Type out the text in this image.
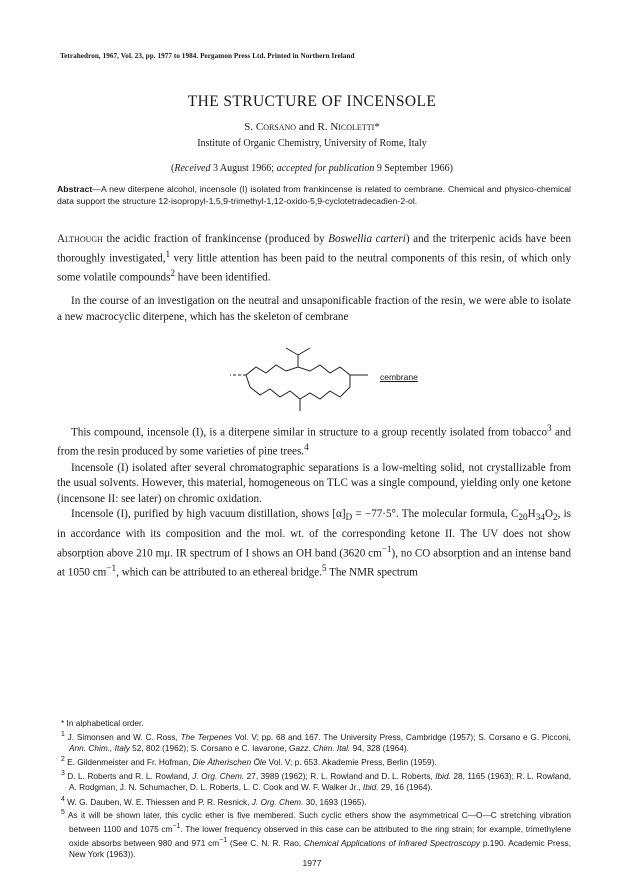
Tetrahedron, 1967, Vol. 23, pp. 1977 to 1984. Pergamon Press Ltd. Printed in Northern Ireland
THE STRUCTURE OF INCENSOLE
S. Corsano and R. Nicoletti*
Institute of Organic Chemistry, University of Rome, Italy
(Received 3 August 1966; accepted for publication 9 September 1966)
Abstract—A new diterpene alcohol, incensole (I) isolated from frankincense is related to cembrane. Chemical and physico-chemical data support the structure 12-isopropyl-1,5,9-trimethyl-1,12-oxido-5,9-cyclotetradecadien-2-ol.

Although the acidic fraction of frankincense (produced by Boswellia carteri) and the triterpenic acids have been thoroughly investigated,$^1$ very little attention has been paid to the neutral components of this resin, of which only some volatile compounds$^2$ have been identified.

In the course of an investigation on the neutral and unsaponificable fraction of the resin, we were able to isolate a new macrocyclic diterpene, which has the skeleton of cembrane

cembrane

This compound, incensole (I), is a diterpene similar in structure to a group recently isolated from tobacco$^3$ and from the resin produced by some varieties of pine trees.$^4$

Incensole (I) isolated after several chromatographic separations is a low-melting solid, not crystallizable from the usual solvents. However, this material, homogeneous on TLC was a single compound, yielding only one ketone (incensone II: see later) on chromic oxidation.

Incensole (I), purified by high vacuum distillation, shows $[\alpha]_D = -77\cdot 5^\circ$. The molecular formula, $C_{20}H_{34}O_2$, is in accordance with its composition and the mol. wt. of the corresponding ketone II. The UV does not show absorption above 210 mμ. IR spectrum of I shows an OH band (3620 $cm^{-1}$), no CO absorption and an intense band at 1050 $cm^{-1}$, which can be attributed to an ethereal bridge.$^5$ The NMR spectrum

* In alphabetical order.

$^1$ J. Simonsen and W. C. Ross, The Terpenes Vol. V; pp. 68 and 167. The University Press, Cambridge (1957); S. Corsano e G. Picconi, Ann. Chim., Italy 52, 802 (1962); S. Corsano e C. Iavarone, Gazz. Chim. Ital. 94, 328 (1964).

$^2$ E. Gildenmeister and Fr. Hofman, Die Ätherischen Öle Vol. V; p. 653. Akademie Press, Berlin (1959).

$^3$ D. L. Roberts and R. L. Rowland, J. Org. Chem. 27, 3989 (1962); R. L. Rowland and D. L. Roberts, Ibid. 28, 1165 (1963); R. L. Rowland, A. Rodgman, J. N. Schumacher, D. L. Roberts, L. C. Cook and W. F. Walker Jr., Ibid. 29, 16 (1964).

$^4$ W. G. Dauben, W. E. Thiessen and P. R. Resnick, J. Org. Chem. 30, 1693 (1965).

$^5$ As it will be shown later, this cyclic ether is five membered. Such cyclic ethers show the asymmetrical C—O—C stretching vibration between 1100 and 1075 $cm^{-1}$. The lower frequency observed in this case can be attributed to the ring strain; for example, trimethylene oxide absorbs between 980 and 971 $cm^{-1}$ (See C. N. R. Rao, Chemical Applications of Infrared Spectroscopy p.190. Academic Press, New York (1963)).

1977
